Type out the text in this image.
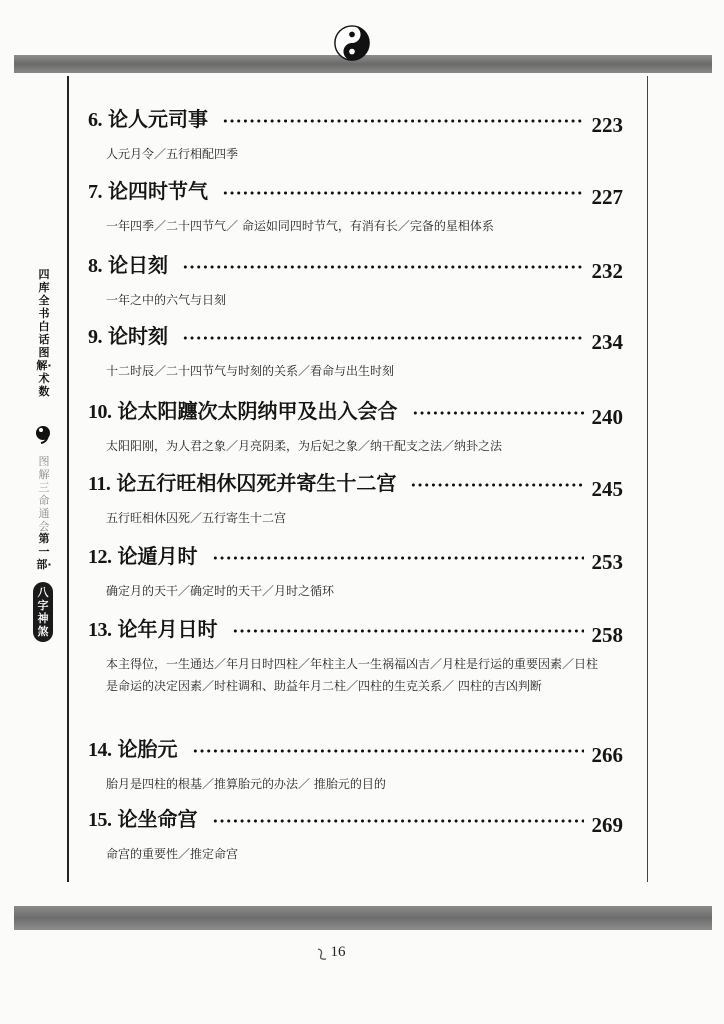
四库全书白话图解·术数
图解三命通会
第一部·
八字神煞
6. 论人元司事	223
人元月令／五行相配四季
7. 论四时节气	227
一年四季／二十四节气／ 命运如同四时节气，有消有长／完备的星相体系
8. 论日刻	232
一年之中的六气与日刻
9. 论时刻	234
十二时辰／二十四节气与时刻的关系／看命与出生时刻
10. 论太阳躔次太阴纳甲及出入会合	240
太阳阳刚，为人君之象／月亮阴柔，为后妃之象／纳干配支之法／纳卦之法
11. 论五行旺相休囚死并寄生十二宫	245
五行旺相休囚死／五行寄生十二宫
12. 论遁月时	253
确定月的天干／确定时的天干／月时之循环
13. 论年月日时	258
本主得位，一生通达／年月日时四柱／年柱主人一生祸福凶吉／月柱是行运的重要因素／日柱是命运的决定因素／时柱调和、助益年月二柱／四柱的生克关系／ 四柱的吉凶判断
14. 论胎元	266
胎月是四柱的根基／推算胎元的办法／ 推胎元的目的
15. 论坐命宫	269
命宫的重要性／推定命宫
16
